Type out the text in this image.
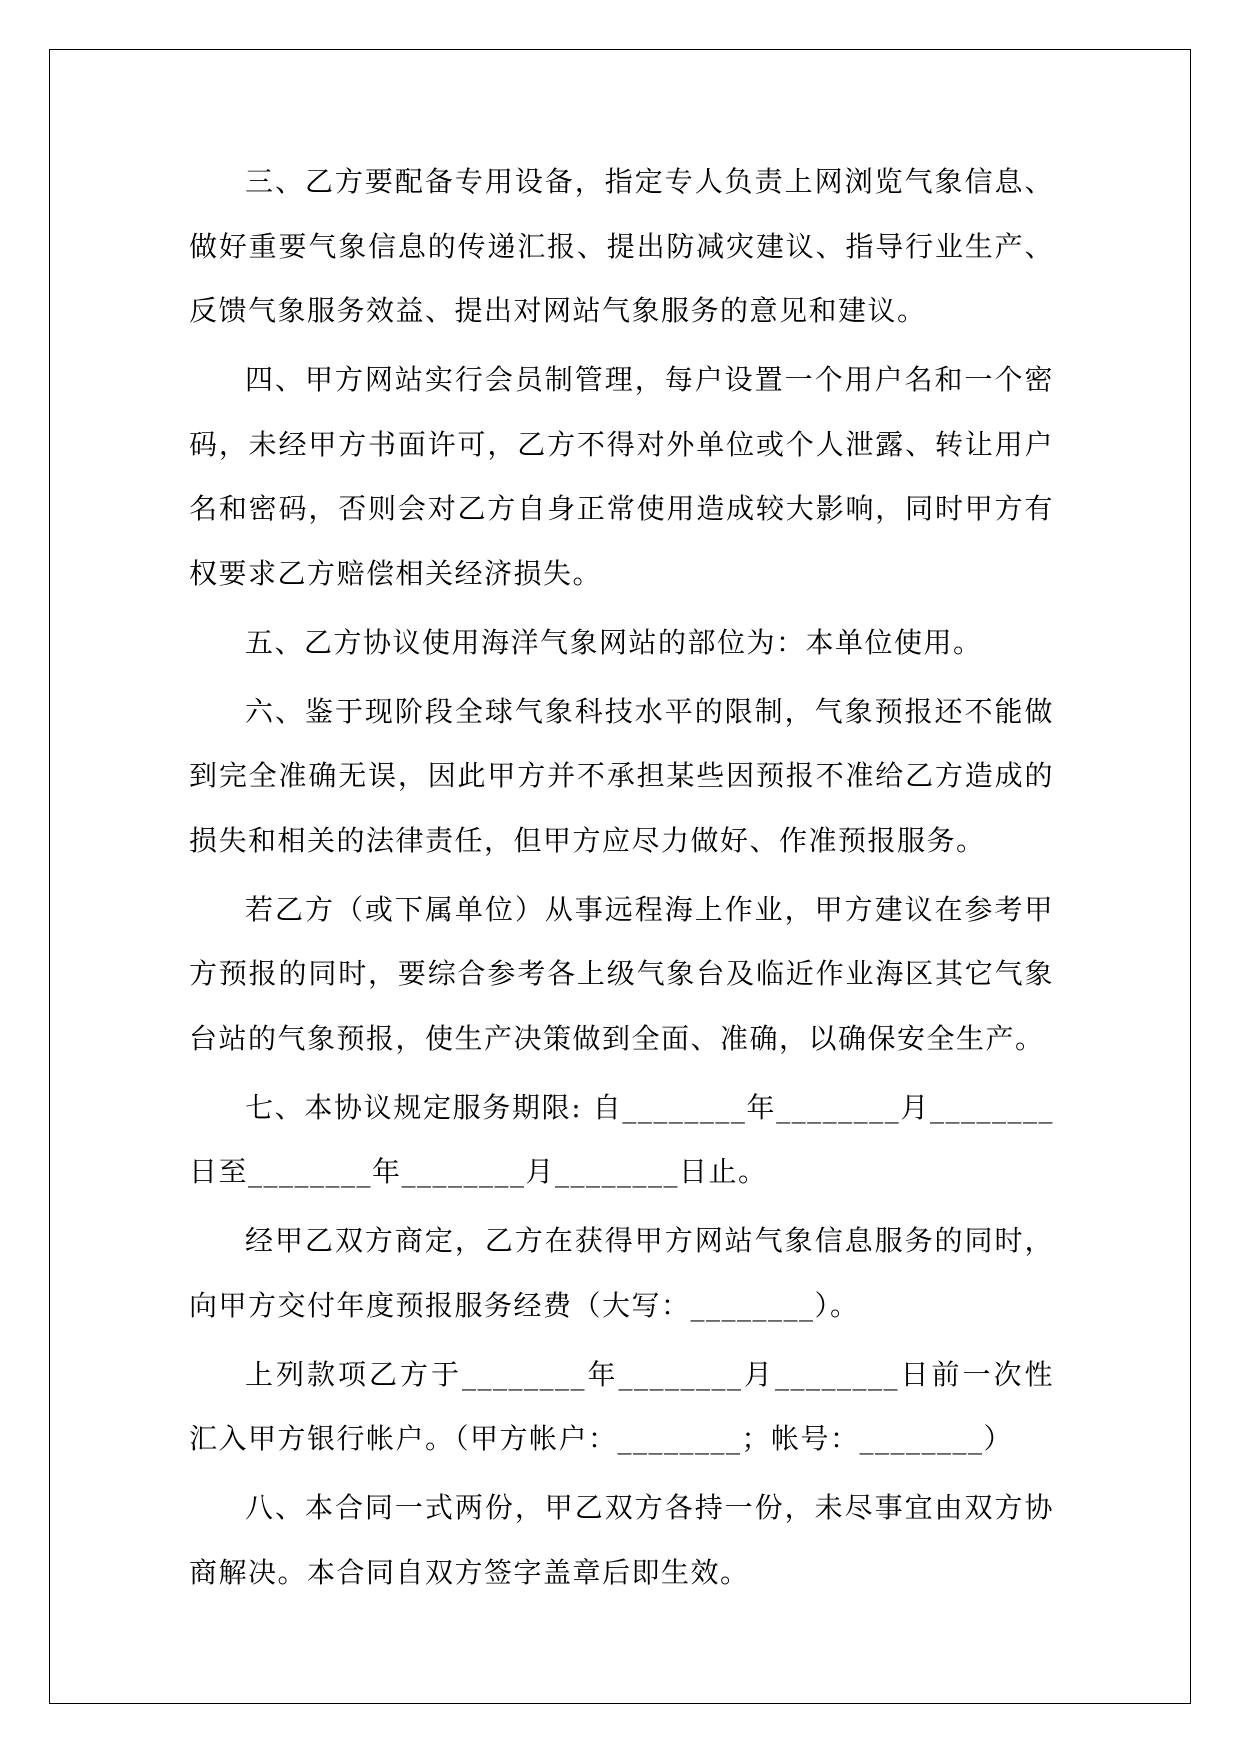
三、乙方要配备专用设备，指定专人负责上网浏览气象信息、做好重要气象信息的传递汇报、提出防减灾建议、指导行业生产、反馈气象服务效益、提出对网站气象服务的意见和建议。

四、甲方网站实行会员制管理，每户设置一个用户名和一个密码，未经甲方书面许可，乙方不得对外单位或个人泄露、转让用户名和密码，否则会对乙方自身正常使用造成较大影响，同时甲方有权要求乙方赔偿相关经济损失。

五、乙方协议使用海洋气象网站的部位为：本单位使用。

六、鉴于现阶段全球气象科技水平的限制，气象预报还不能做到完全准确无误，因此甲方并不承担某些因预报不准给乙方造成的损失和相关的法律责任，但甲方应尽力做好、作准预报服务。

若乙方（或下属单位）从事远程海上作业，甲方建议在参考甲方预报的同时，要综合参考各上级气象台及临近作业海区其它气象台站的气象预报，使生产决策做到全面、准确，以确保安全生产。

七、本协议规定服务期限: 自________年________月________日至________年________月________日止。

经甲乙双方商定，乙方在获得甲方网站气象信息服务的同时，向甲方交付年度预报服务经费（大写：________）。

上列款项乙方于________年________月________日前一次性汇入甲方银行帐户。（甲方帐户：________；帐号：________）

八、本合同一式两份，甲乙双方各持一份，未尽事宜由双方协商解决。本合同自双方签字盖章后即生效。
